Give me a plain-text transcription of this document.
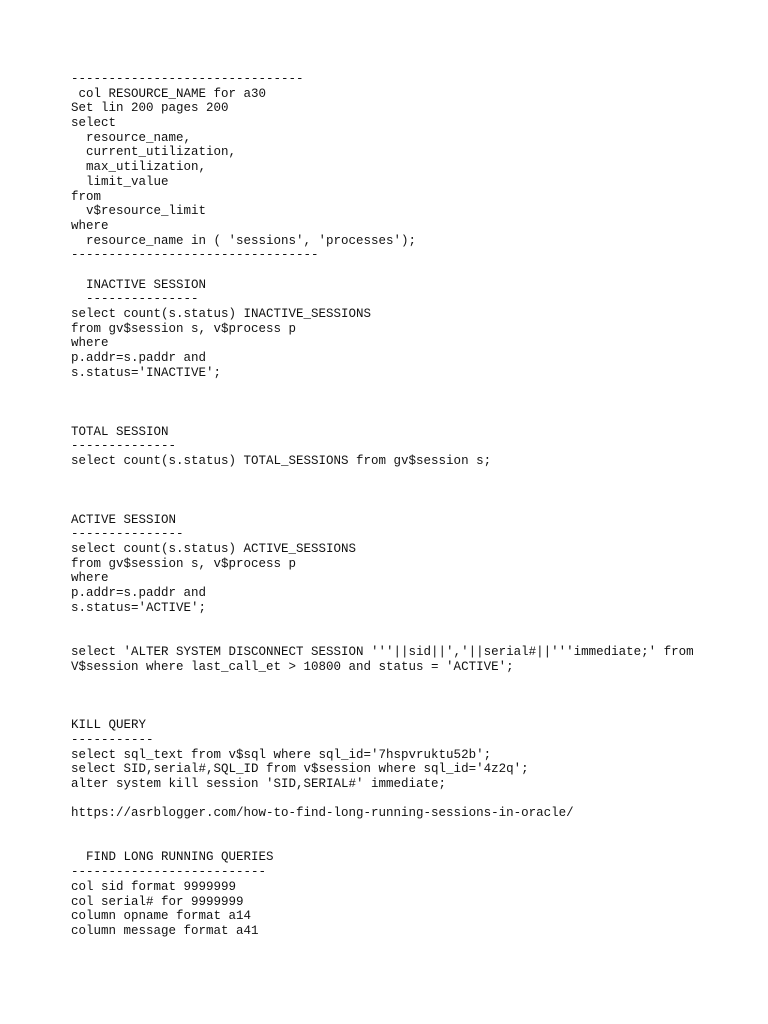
-------------------------------
col RESOURCE_NAME for a30
Set lin 200 pages 200
select
resource_name,
current_utilization,
max_utilization,
limit_value
from
v$resource_limit
where
resource_name in ( 'sessions', 'processes');
---------------------------------

INACTIVE SESSION
---------------
select count(s.status) INACTIVE_SESSIONS
from gv$session s, v$process p
where
p.addr=s.paddr and
s.status='INACTIVE';

TOTAL SESSION
--------------
select count(s.status) TOTAL_SESSIONS from gv$session s;

ACTIVE SESSION
---------------
select count(s.status) ACTIVE_SESSIONS
from gv$session s, v$process p
where
p.addr=s.paddr and
s.status='ACTIVE';

select 'ALTER SYSTEM DISCONNECT SESSION '''||sid||','||serial#||'''immediate;' from
V$session where last_call_et > 10800 and status = 'ACTIVE';

KILL QUERY
-----------
select sql_text from v$sql where sql_id='7hspvruktu52b';
select SID,serial#,SQL_ID from v$session where sql_id='4z2q';
alter system kill session 'SID,SERIAL#' immediate;

https://asrblogger.com/how-to-find-long-running-sessions-in-oracle/

FIND LONG RUNNING QUERIES
--------------------------
col sid format 9999999
col serial# for 9999999
column opname format a14
column message format a41
